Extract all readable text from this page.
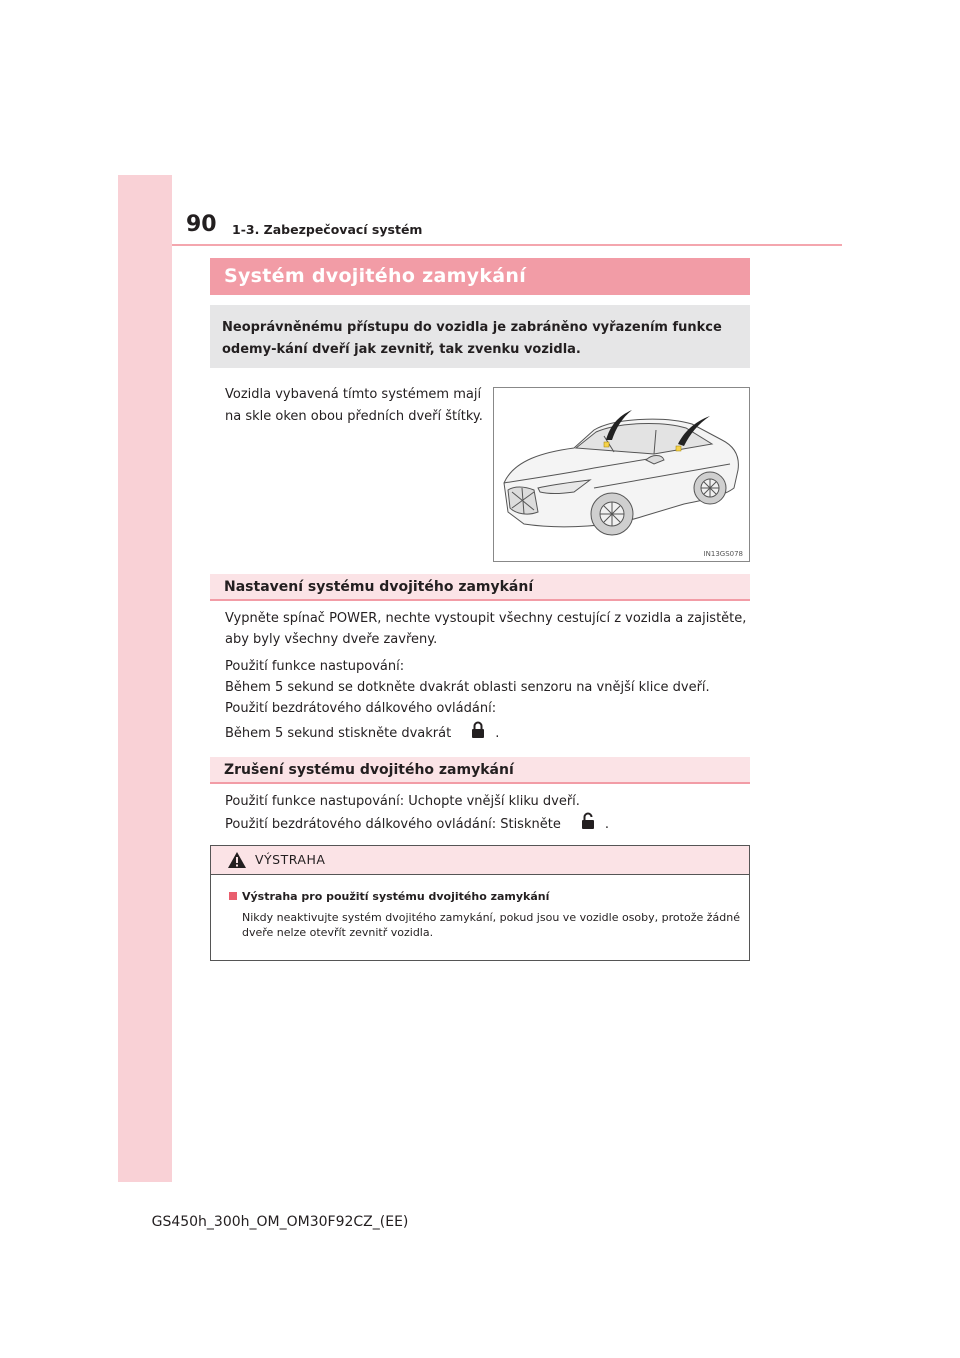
90 1-3. Zabezpečovací systém
Systém dvojitého zamykání
Neoprávněnému přístupu do vozidla je zabráněno vyřazením funkce odemy-kání dveří jak zevnitř, tak zvenku vozidla.
Vozidla vybavená tímto systémem mají na skle oken obou předních dveří štítky.
IN13GS078
Nastavení systému dvojitého zamykání
Vypněte spínač POWER, nechte vystoupit všechny cestující z vozidla a zajistěte, aby byly všechny dveře zavřeny.
Použití funkce nastupování:
Během 5 sekund se dotkněte dvakrát oblasti senzoru na vnější klice dveří.
Použití bezdrátového dálkového ovládání:
Během 5 sekund stiskněte dvakrát	.
Zrušení systému dvojitého zamykání
Použití funkce nastupování: Uchopte vnější kliku dveří.
Použití bezdrátového dálkového ovládání: Stiskněte	.
VÝSTRAHA
Výstraha pro použití systému dvojitého zamykání
Nikdy neaktivujte systém dvojitého zamykání, pokud jsou ve vozidle osoby, protože žádné dveře nelze otevřít zevnitř vozidla.
GS450h_300h_OM_OM30F92CZ_(EE)
